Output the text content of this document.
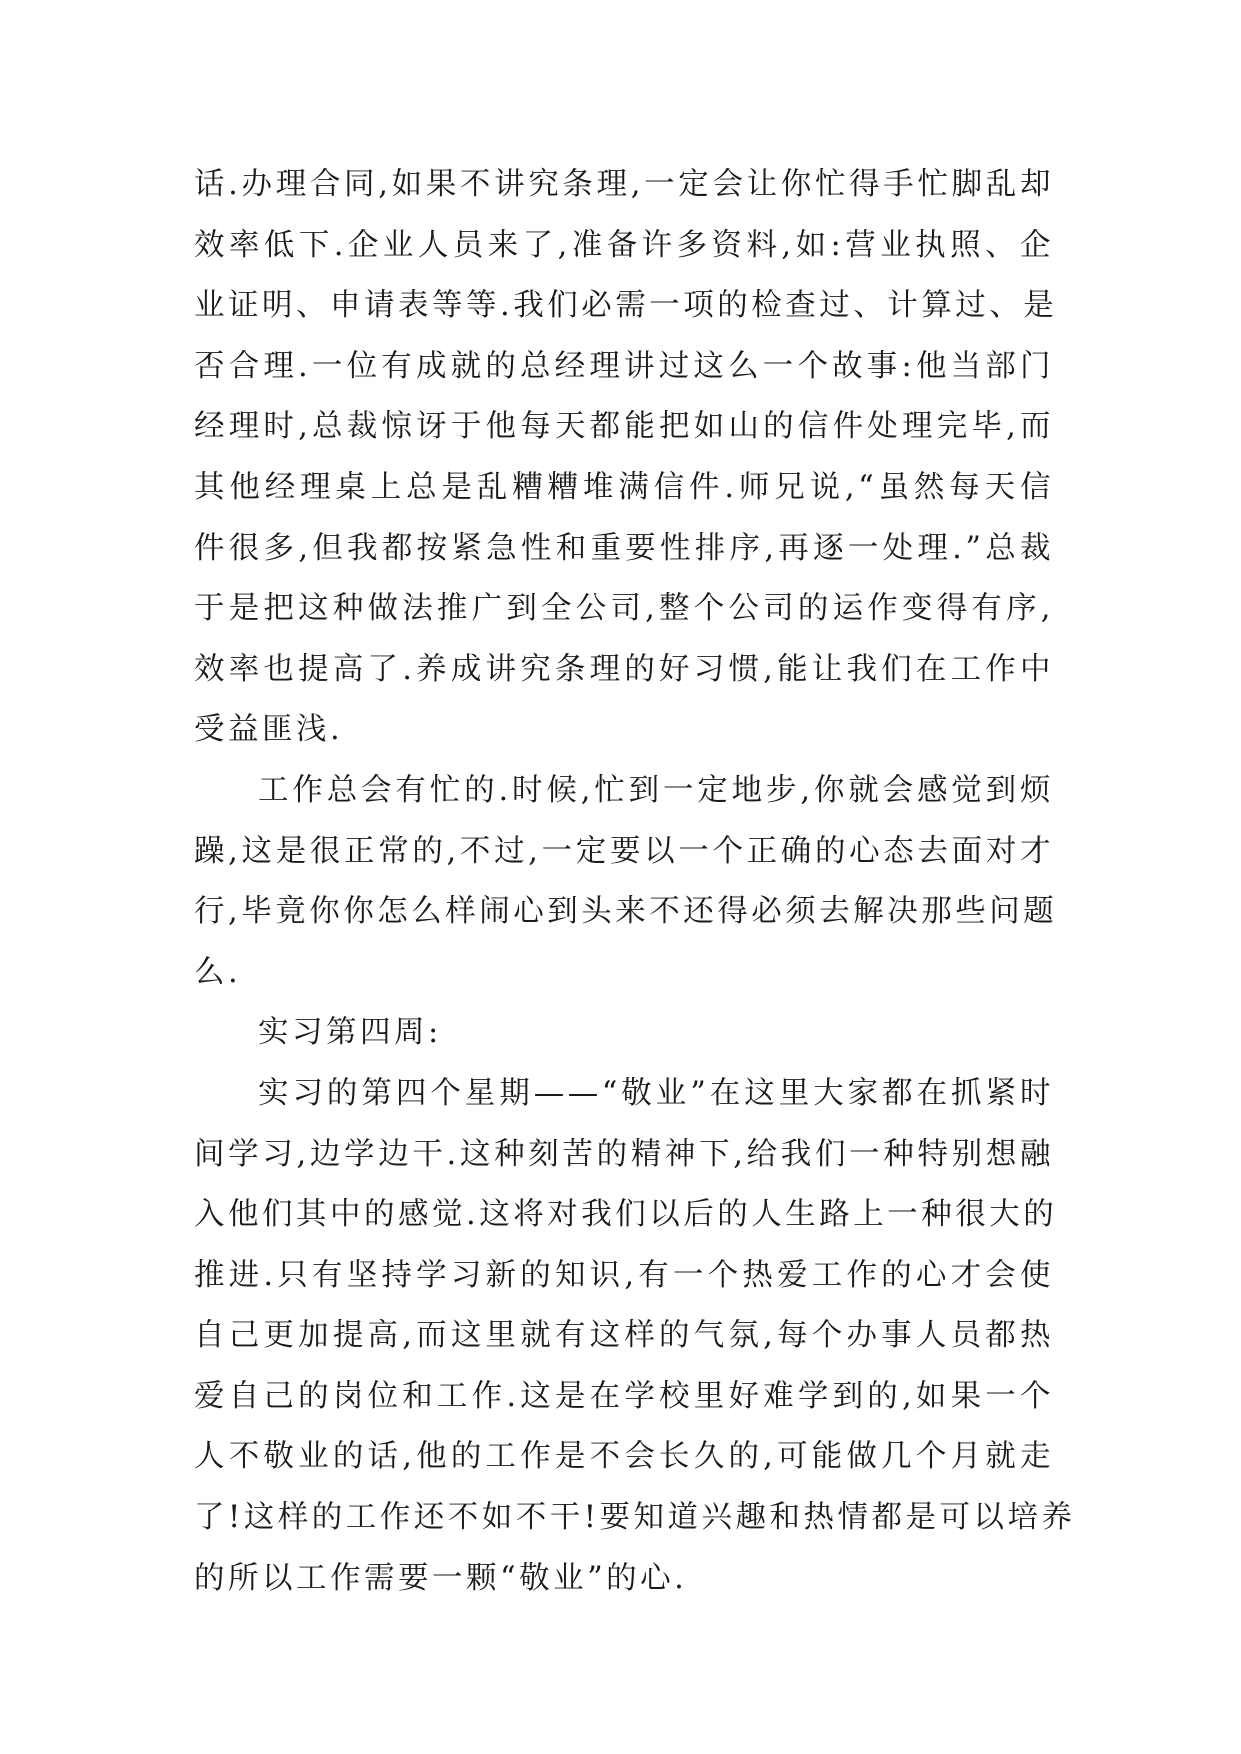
话.办理合同,如果不讲究条理,一定会让你忙得手忙脚乱却
效率低下.企业人员来了,准备许多资料,如:营业执照、企
业证明、申请表等等.我们必需一项的检查过、计算过、是
否合理.一位有成就的总经理讲过这么一个故事:他当部门
经理时,总裁惊讶于他每天都能把如山的信件处理完毕,而
其他经理桌上总是乱糟糟堆满信件.师兄说,“虽然每天信
件很多,但我都按紧急性和重要性排序,再逐一处理.”总裁
于是把这种做法推广到全公司,整个公司的运作变得有序,
效率也提高了.养成讲究条理的好习惯,能让我们在工作中
受益匪浅.
工作总会有忙的.时候,忙到一定地步,你就会感觉到烦
躁,这是很正常的,不过,一定要以一个正确的心态去面对才
行,毕竟你你怎么样闹心到头来不还得必须去解决那些问题
么.
实习第四周:
实习的第四个星期——“敬业”在这里大家都在抓紧时
间学习,边学边干.这种刻苦的精神下,给我们一种特别想融
入他们其中的感觉.这将对我们以后的人生路上一种很大的
推进.只有坚持学习新的知识,有一个热爱工作的心才会使
自己更加提高,而这里就有这样的气氛,每个办事人员都热
爱自己的岗位和工作.这是在学校里好难学到的,如果一个
人不敬业的话,他的工作是不会长久的,可能做几个月就走
了!这样的工作还不如不干!要知道兴趣和热情都是可以培养
的所以工作需要一颗“敬业”的心.
